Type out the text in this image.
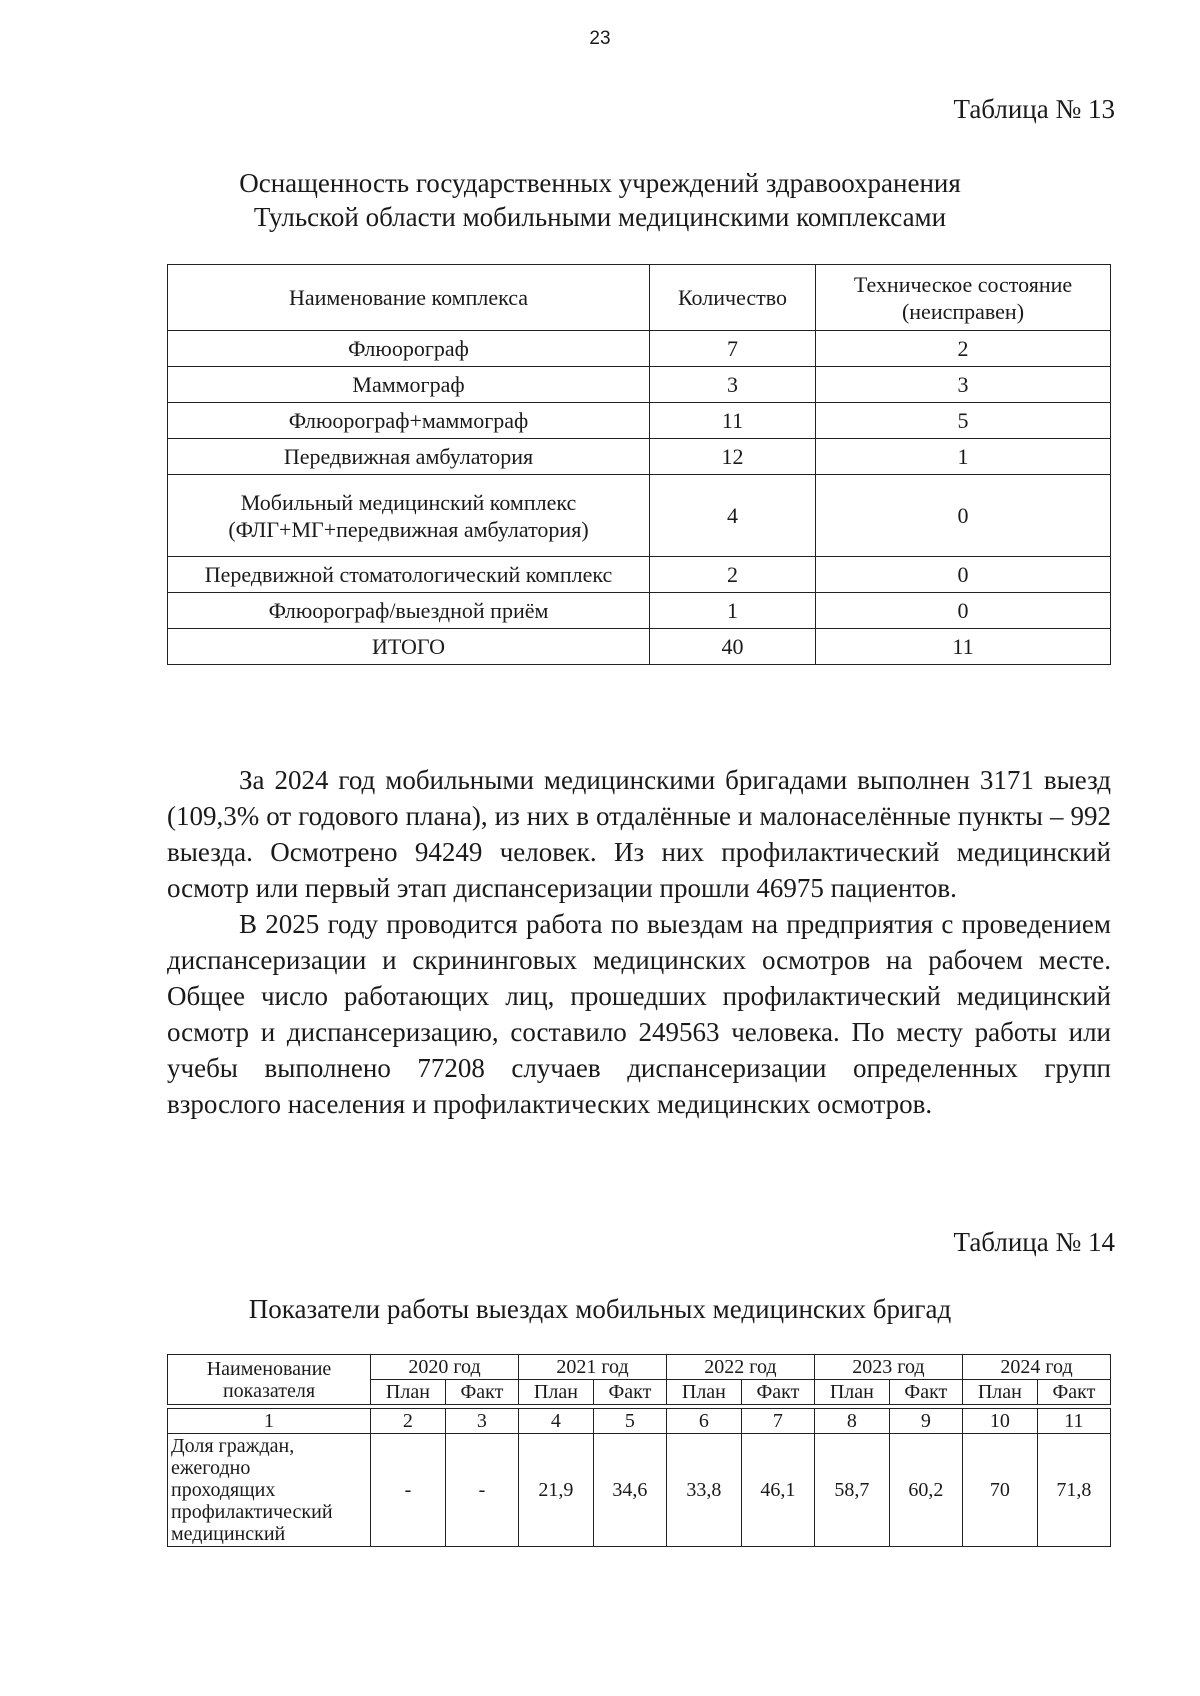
23
Таблица № 13
Оснащенность государственных учреждений здравоохранения
Тульской области мобильными медицинскими комплексами
Наименование комплекса	Количество	Техническое состояние
(неисправен)

Флюорограф	7	2
Маммограф	3	3
Флюорограф+маммограф	11	5
Передвижная амбулатория	12	1

Мобильный медицинский комплекс
(ФЛГ+МГ+передвижная амбулатория)	4	0
Передвижной стоматологический комплекс	2	0
Флюорограф/выездной приём	1	0
ИТОГО	40	11

За 2024 год мобильными медицинскими бригадами выполнен 3171 выезд (109,3% от годового плана), из них в отдалённые и малонаселённые пункты – 992 выезда. Осмотрено 94249 человек. Из них профилактический медицинский осмотр или первый этап диспансеризации прошли 46975 пациентов.

В 2025 году проводится работа по выездам на предприятия с проведением диспансеризации и скрининговых медицинских осмотров на рабочем месте. Общее число работающих лиц, прошедших профилактический медицинский осмотр и диспансеризацию, составило 249563 человека. По месту работы или учебы выполнено 77208 случаев диспансеризации определенных групп взрослого населения и профилактических медицинских осмотров.

Таблица № 14
Показатели работы выездах мобильных медицинских бригад
Наименование
показателя	2020 год		2021 год		2022 год		2023 год		2024 год	
	План	Факт	План	Факт	План	Факт	План	Факт	План	Факт

1	2	3	4	5	6	7	8	9	10	11

Доля граждан,
ежегодно
проходящих
профилактический
медицинский	-	-	21,9	34,6	33,8	46,1	58,7	60,2	70	71,8
